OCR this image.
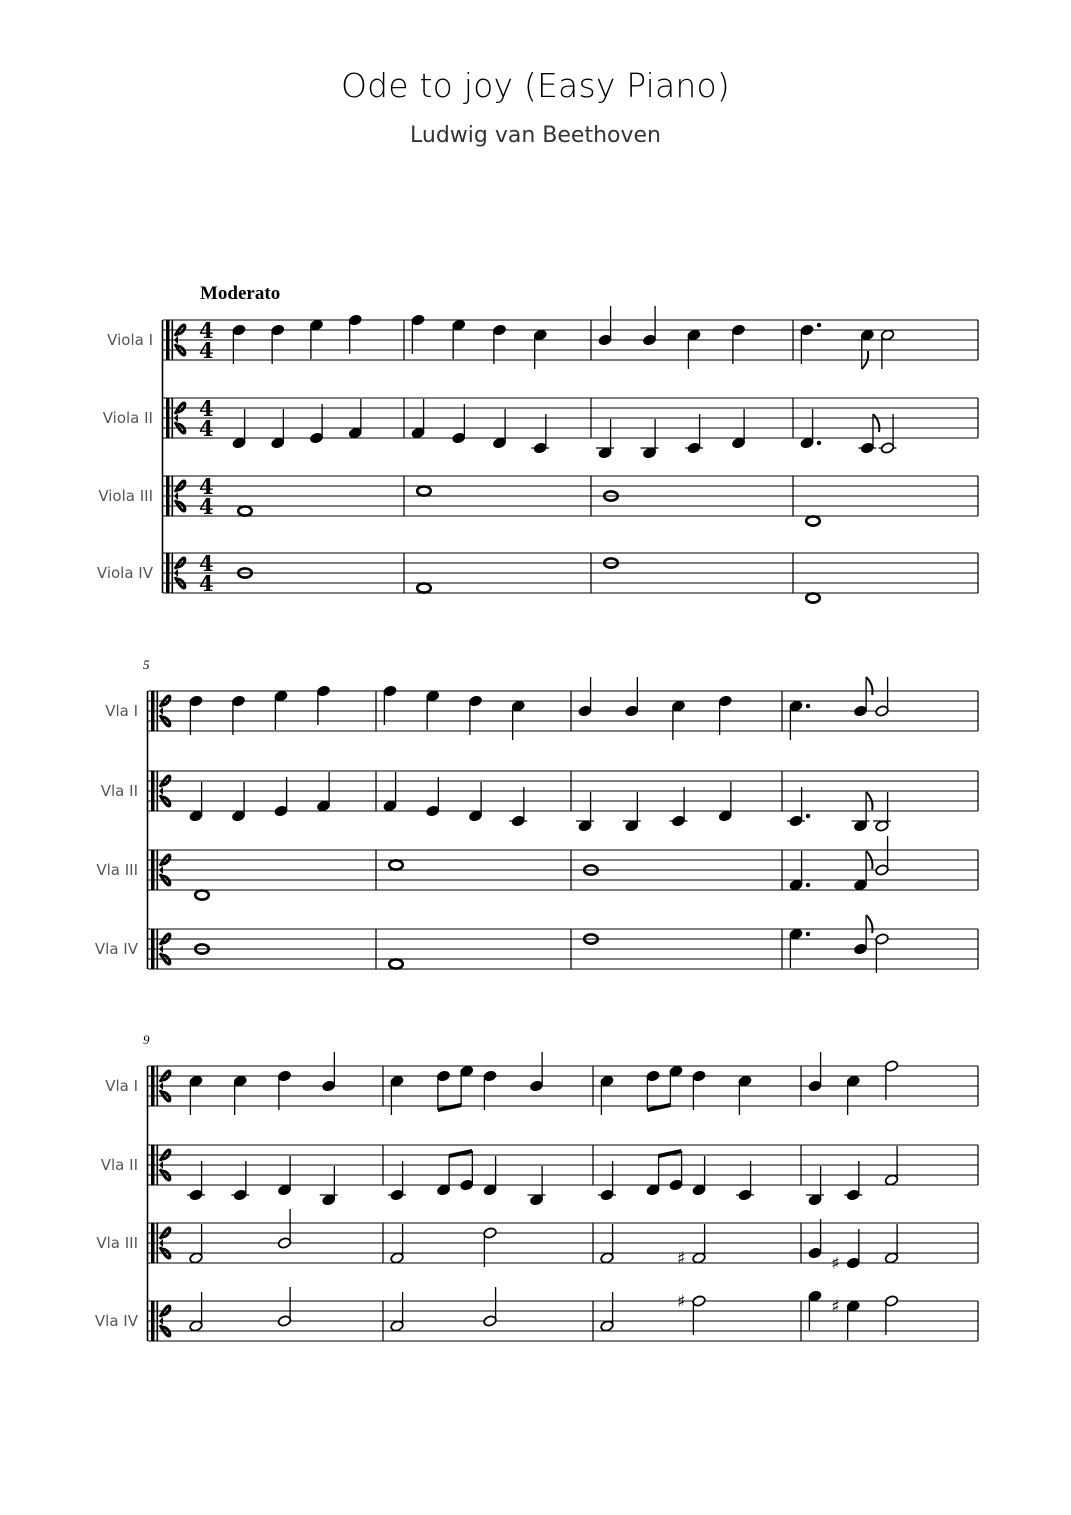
Ode to joy (Easy Piano)
Ludwig van Beethoven
Moderato
Viola I 4
4
Viola II 4
4
Viola III 4
4
Viola IV 4
4
5
Vla I
Vla II
Vla III
Vla IV
9
Vla I
Vla II
Vla III
♯	♯
Vla IV
♯	♯
